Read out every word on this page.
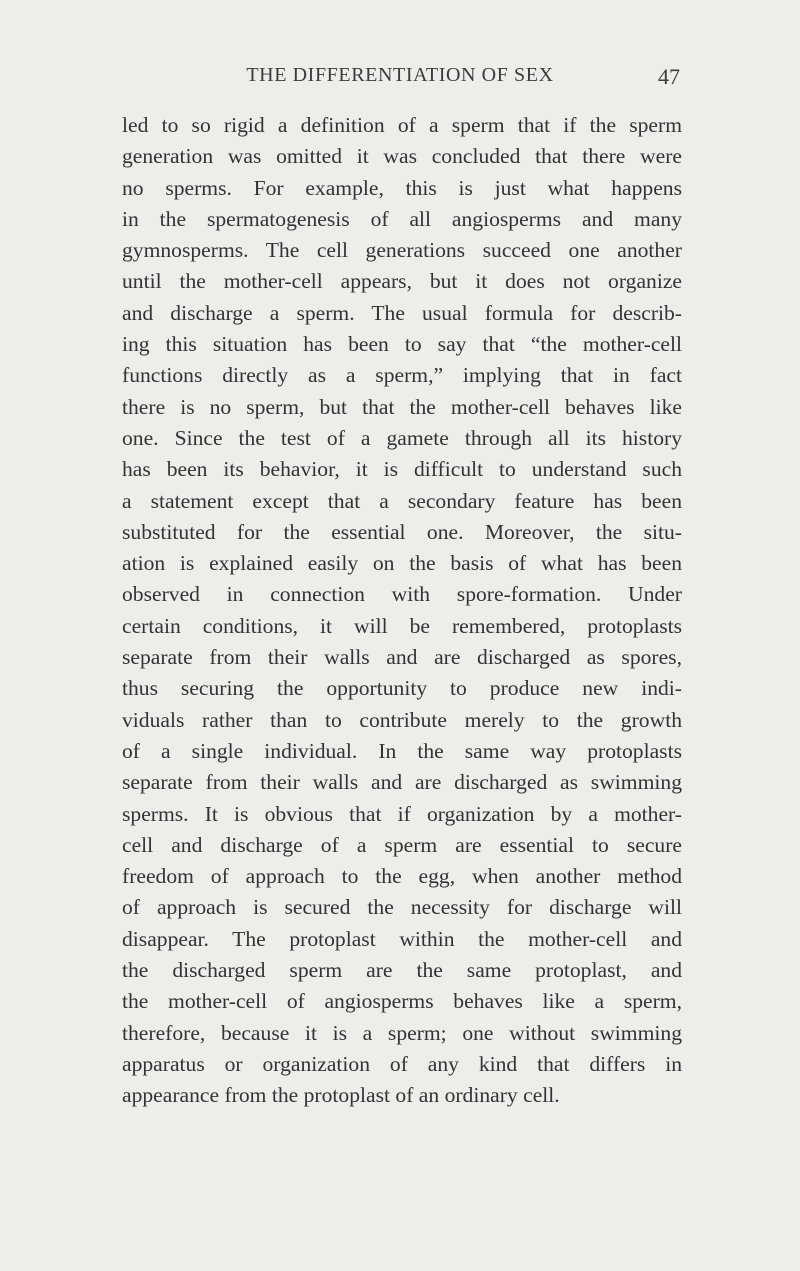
THE DIFFERENTIATION OF SEX	47
led to so rigid a definition of a sperm that if the sperm
generation was omitted it was concluded that there were
no sperms. For example, this is just what happens
in the spermatogenesis of all angiosperms and many
gymnosperms. The cell generations succeed one another
until the mother-cell appears, but it does not organize
and discharge a sperm. The usual formula for describ-
ing this situation has been to say that “the mother-cell
functions directly as a sperm,” implying that in fact
there is no sperm, but that the mother-cell behaves like
one. Since the test of a gamete through all its history
has been its behavior, it is difficult to understand such
a statement except that a secondary feature has been
substituted for the essential one. Moreover, the situ-
ation is explained easily on the basis of what has been
observed in connection with spore-formation. Under
certain conditions, it will be remembered, protoplasts
separate from their walls and are discharged as spores,
thus securing the opportunity to produce new indi-
viduals rather than to contribute merely to the growth
of a single individual. In the same way protoplasts
separate from their walls and are discharged as swimming
sperms. It is obvious that if organization by a mother-
cell and discharge of a sperm are essential to secure
freedom of approach to the egg, when another method
of approach is secured the necessity for discharge will
disappear. The protoplast within the mother-cell and
the discharged sperm are the same protoplast, and
the mother-cell of angiosperms behaves like a sperm,
therefore, because it is a sperm; one without swimming
apparatus or organization of any kind that differs in
appearance from the protoplast of an ordinary cell.
